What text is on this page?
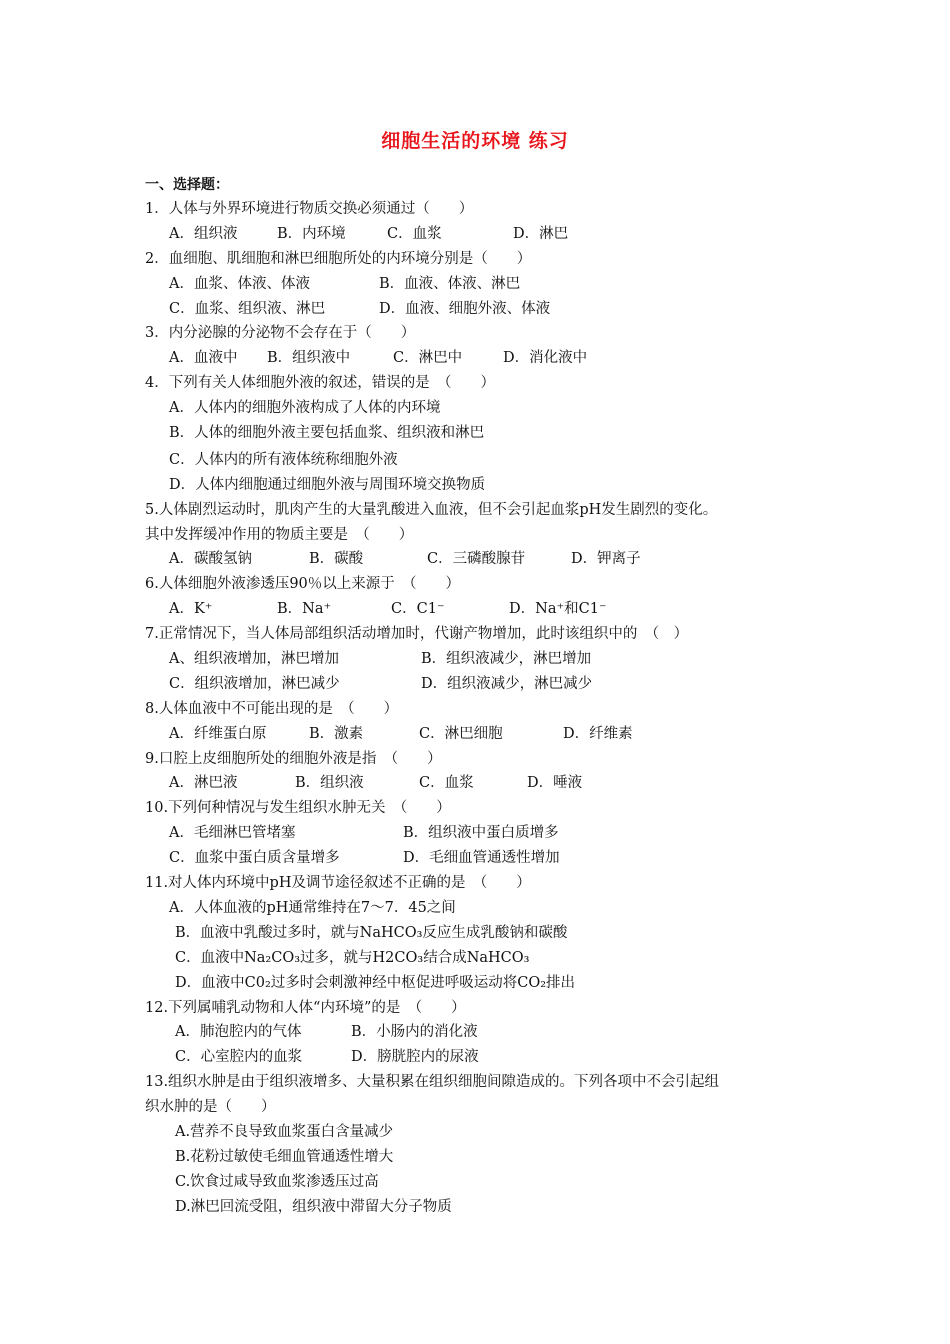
细胞生活的环境 练习
一、选择题：
1．人体与外界环境进行物质交换必须通过（　　）
A．组织液	B．内环境	C．血浆	D．淋巴
2．血细胞、肌细胞和淋巴细胞所处的内环境分别是（　　）
A．血浆、体液、体液	B．血液、体液、淋巴
C．血浆、组织液、淋巴	D．血液、细胞外液、体液
3．内分泌腺的分泌物不会存在于（　　）
A．血液中	B．组织液中	C．淋巴中	D．消化液中
4．下列有关人体细胞外液的叙述，错误的是　（　　）
A．人体内的细胞外液构成了人体的内环境
B．人体的细胞外液主要包括血浆、组织液和淋巴
C．人体内的所有液体统称细胞外液
D．人体内细胞通过细胞外液与周围环境交换物质
5.人体剧烈运动时，肌肉产生的大量乳酸进入血液，但不会引起血浆pH发生剧烈的变化。
其中发挥缓冲作用的物质主要是　（　　）
A．碳酸氢钠	B．碳酸	C．三磷酸腺苷	D．钾离子
6.人体细胞外液渗透压90％以上来源于　（　　）
A．K⁺	B．Na⁺	C．C1⁻	D．Na⁺和C1⁻
7.正常情况下，当人体局部组织活动增加时，代谢产物增加，此时该组织中的　（　）
A、组织液增加，淋巴增加	B．组织液减少，淋巴增加
C．组织液增加，淋巴减少	D．组织液减少，淋巴减少
8.人体血液中不可能出现的是　（　　）
A．纤维蛋白原	B．激素	C．淋巴细胞	D．纤维素
9.口腔上皮细胞所处的细胞外液是指　（　　）
A．淋巴液	B．组织液	C．血浆	D．唾液
10.下列何种情况与发生组织水肿无关　（　　）
A．毛细淋巴管堵塞	B．组织液中蛋白质增多
C．血浆中蛋白质含量增多	D．毛细血管通透性增加
11.对人体内环境中pH及调节途径叙述不正确的是　（　　）
A．人体血液的pH通常维持在7～7．45之间
B．血液中乳酸过多时，就与NaHCO₃反应生成乳酸钠和碳酸
C．血液中Na₂CO₃过多，就与H2CO₃结合成NaHCO₃
D．血液中C0₂过多时会刺激神经中枢促进呼吸运动将CO₂排出
12.下列属哺乳动物和人体“内环境”的是　（　　）
A．肺泡腔内的气体	B．小肠内的消化液
C．心室腔内的血浆	D．膀胱腔内的尿液
13.组织水肿是由于组织液增多、大量积累在组织细胞间隙造成的。下列各项中不会引起组
织水肿的是（　　）
A.营养不良导致血浆蛋白含量减少
B.花粉过敏使毛细血管通透性增大
C.饮食过咸导致血浆渗透压过高
D.淋巴回流受阻，组织液中滞留大分子物质
